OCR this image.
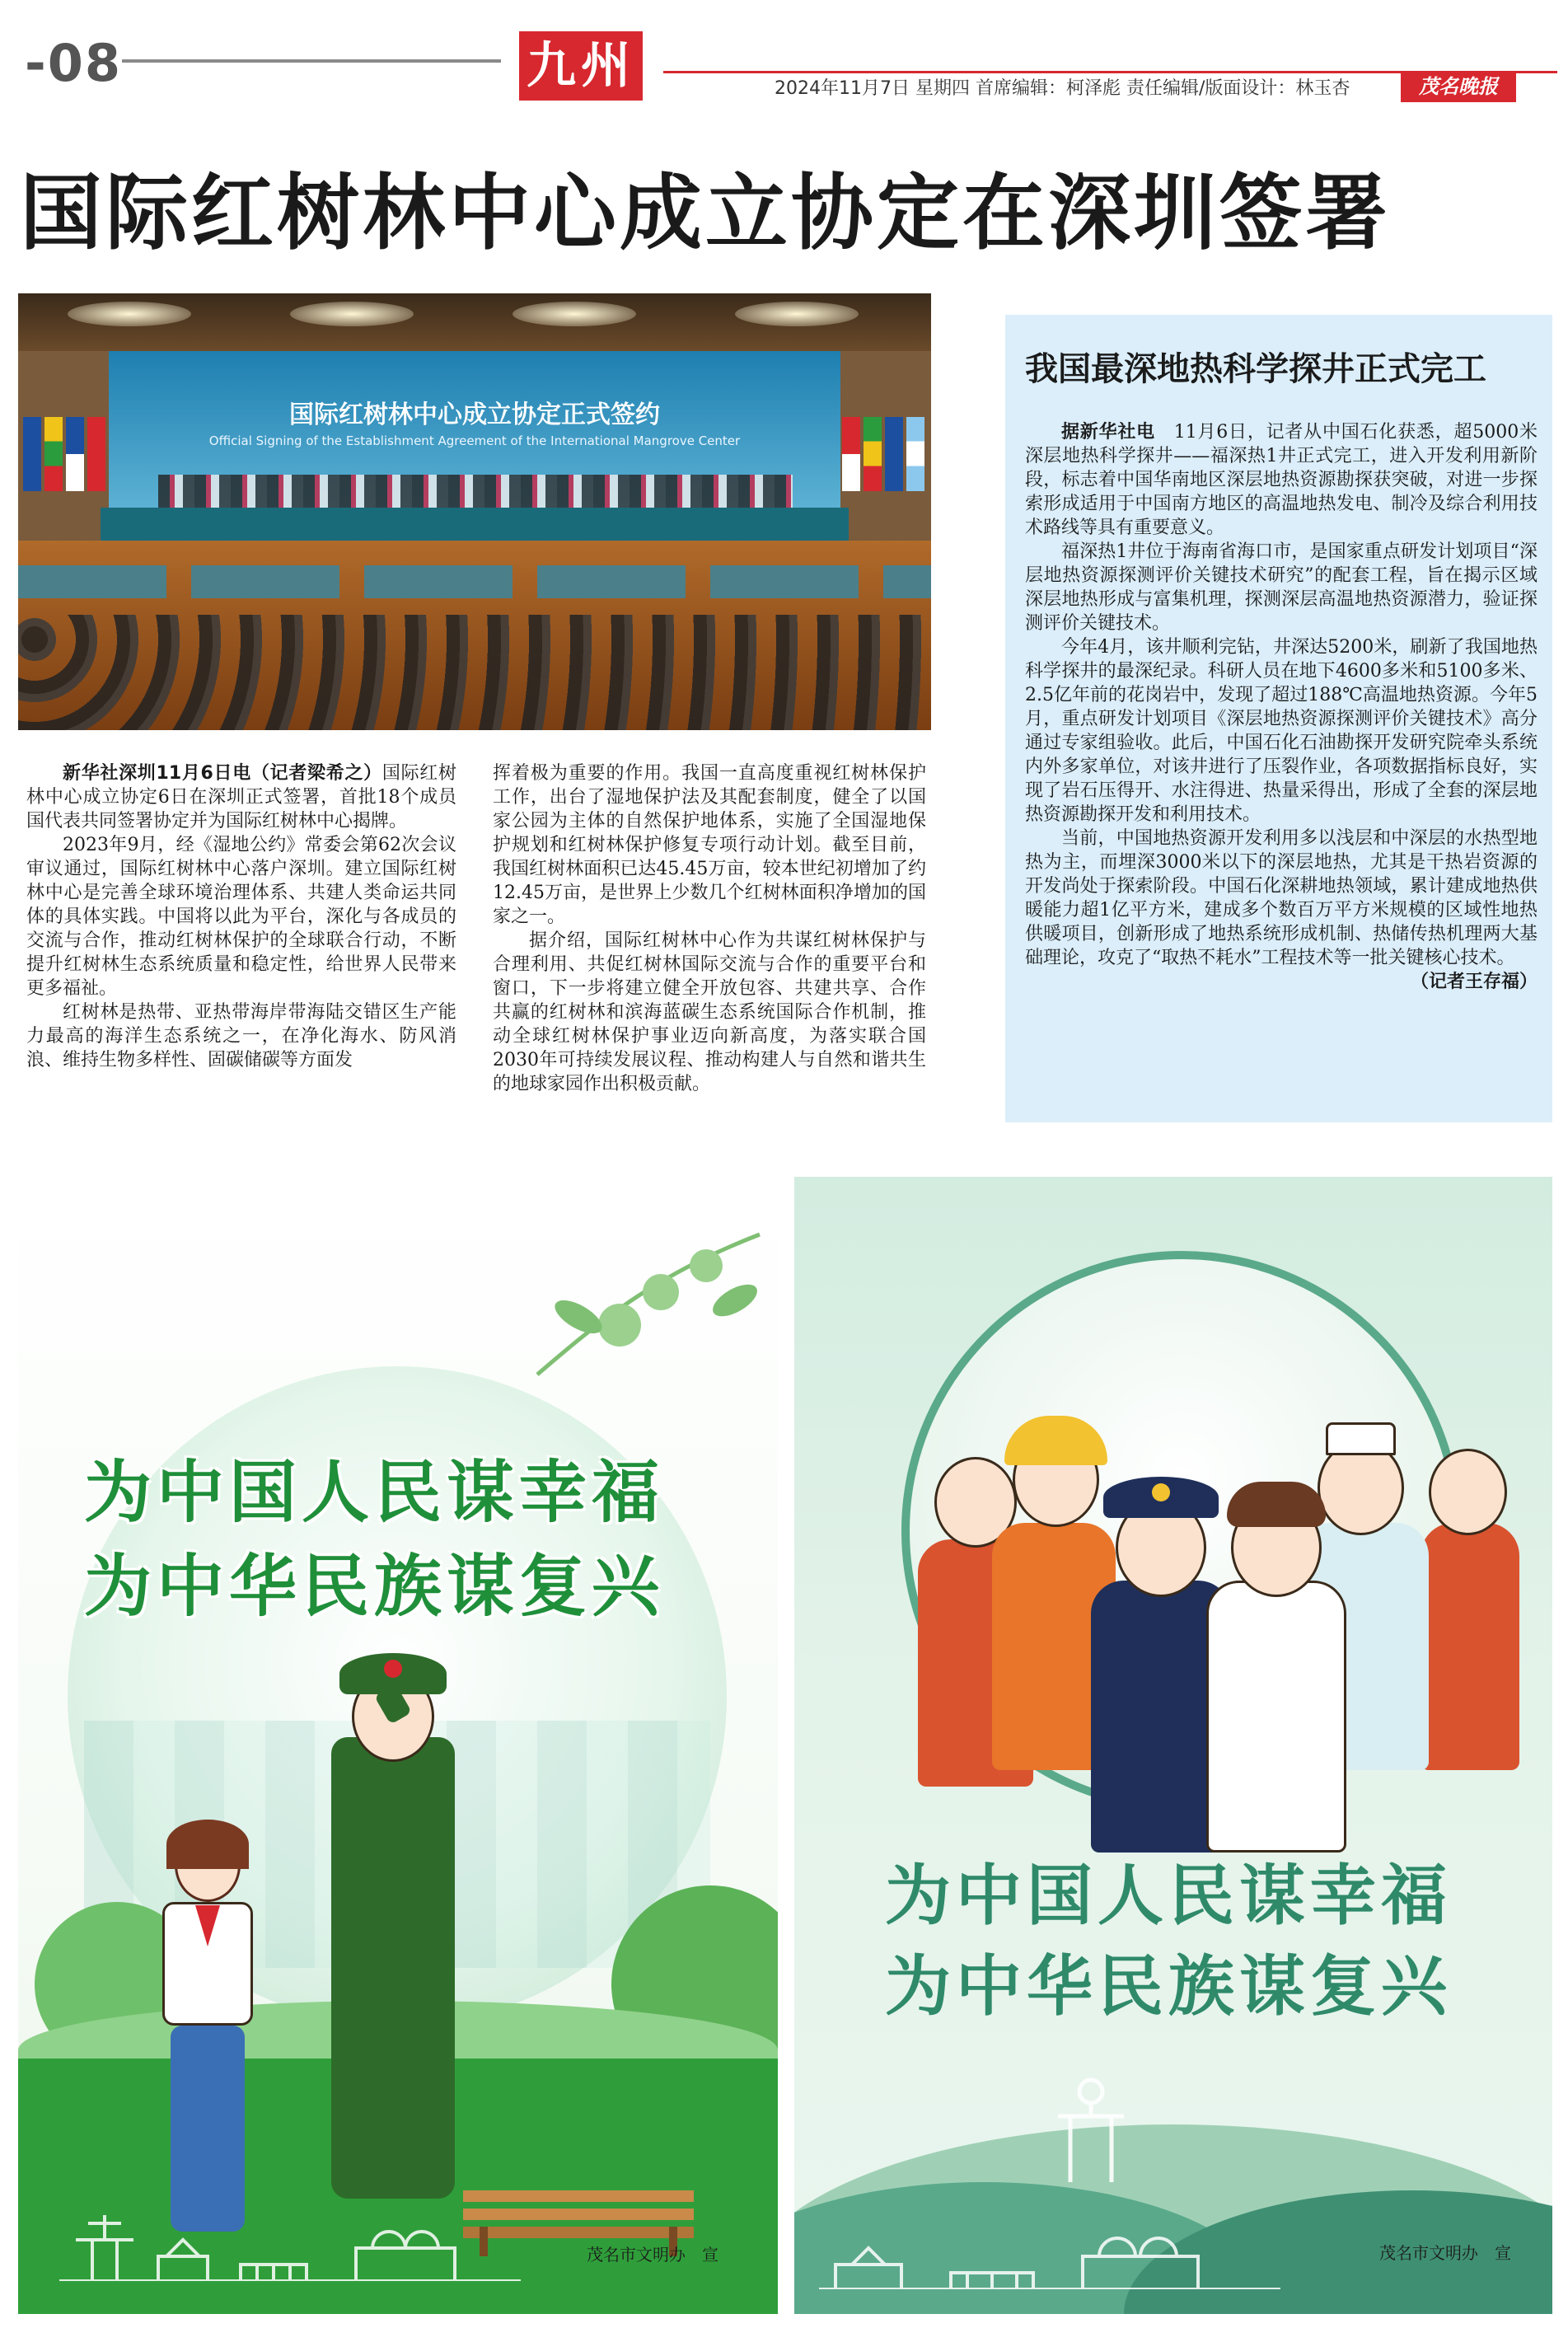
-08	九州	2024年11月7日 星期四 首席编辑：柯泽彪 责任编辑/版面设计：林玉杏	茂名晚报
国际红树林中心成立协定在深圳签署
国际红树林中心成立协定正式签约
Official Signing of the Establishment Agreement of the International Mangrove Center

新华社深圳11月6日电（记者梁希之）国际红树林中心成立协定6日在深圳正式签署，首批18个成员国代表共同签署协定并为国际红树林中心揭牌。

2023年9月，经《湿地公约》常委会第62次会议审议通过，国际红树林中心落户深圳。建立国际红树林中心是完善全球环境治理体系、共建人类命运共同体的具体实践。中国将以此为平台，深化与各成员的交流与合作，推动红树林保护的全球联合行动，不断提升红树林生态系统质量和稳定性，给世界人民带来更多福祉。

红树林是热带、亚热带海岸带海陆交错区生产能力最高的海洋生态系统之一，在净化海水、防风消浪、维持生物多样性、固碳储碳等方面发

挥着极为重要的作用。我国一直高度重视红树林保护工作，出台了湿地保护法及其配套制度，健全了以国家公园为主体的自然保护地体系，实施了全国湿地保护规划和红树林保护修复专项行动计划。截至目前，我国红树林面积已达45.45万亩，较本世纪初增加了约12.45万亩，是世界上少数几个红树林面积净增加的国家之一。

据介绍，国际红树林中心作为共谋红树林保护与合理利用、共促红树林国际交流与合作的重要平台和窗口，下一步将建立健全开放包容、共建共享、合作共赢的红树林和滨海蓝碳生态系统国际合作机制，推动全球红树林保护事业迈向新高度，为落实联合国2030年可持续发展议程、推动构建人与自然和谐共生的地球家园作出积极贡献。

我国最深地热科学探井正式完工

据新华社电　 11月6日，记者从中国石化获悉，超5000米深层地热科学探井——福深热1井正式完工，进入开发利用新阶段，标志着中国华南地区深层地热资源勘探获突破，对进一步探索形成适用于中国南方地区的高温地热发电、制冷及综合利用技术路线等具有重要意义。

福深热1井位于海南省海口市，是国家重点研发计划项目“深层地热资源探测评价关键技术研究”的配套工程，旨在揭示区域深层地热形成与富集机理，探测深层高温地热资源潜力，验证探测评价关键技术。

今年4月，该井顺利完钻，井深达5200米，刷新了我国地热科学探井的最深纪录。科研人员在地下4600多米和5100多米、2.5亿年前的花岗岩中，发现了超过188℃高温地热资源。今年5月，重点研发计划项目《深层地热资源探测评价关键技术》高分通过专家组验收。此后，中国石化石油勘探开发研究院牵头系统内外多家单位，对该井进行了压裂作业，各项数据指标良好，实现了岩石压得开、水注得进、热量采得出，形成了全套的深层地热资源勘探开发和利用技术。

当前，中国地热资源开发利用多以浅层和中深层的水热型地热为主，而埋深3000米以下的深层地热，尤其是干热岩资源的开发尚处于探索阶段。中国石化深耕地热领域，累计建成地热供暖能力超1亿平方米，建成多个数百万平方米规模的区域性地热供暖项目，创新形成了地热系统形成机制、热储传热机理两大基础理论，攻克了“取热不耗水”工程技术等一批关键核心技术。

（记者王存福）
为中国人民谋幸福
为中华民族谋复兴
茂名市文明办　宣
为中国人民谋幸福
为中华民族谋复兴
茂名市文明办　宣
